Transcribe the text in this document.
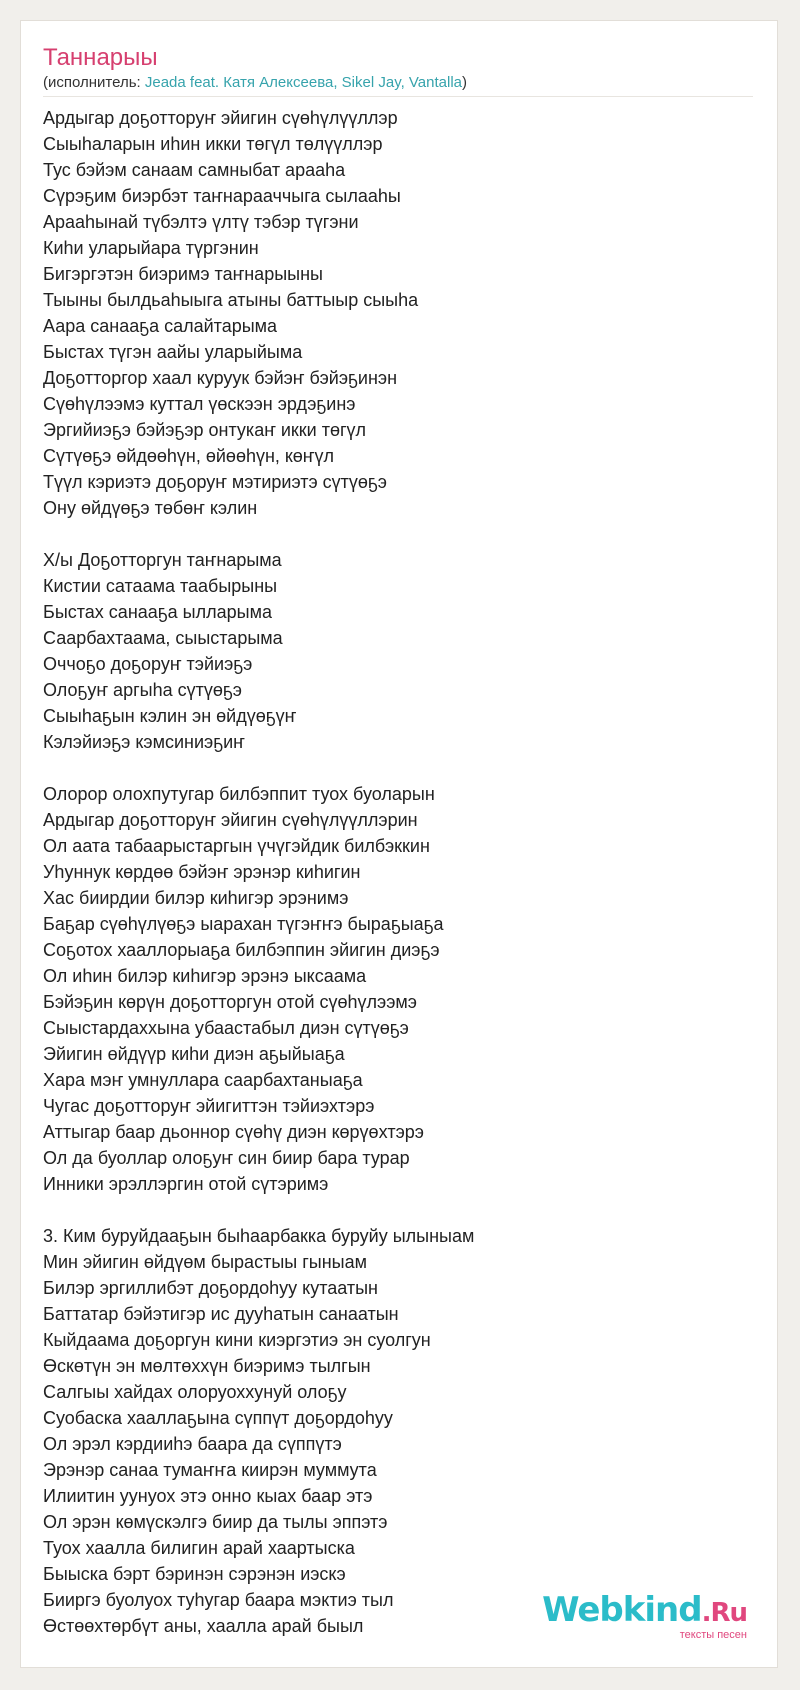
Таннарыы
(исполнитель: Jeada feat. Катя Алексеева, Sikel Jay, Vantalla)
Ардыгар доҕотторуҥ эйигин сүөһүлүүллэр
Сыыһаларын иһин икки төгүл төлүүллэр
Тус бэйэм санаам самныбат арааһа
Сүрэҕим биэрбэт таҥнарааччыга сылааһы
Арааһынай түбэлтэ үлтү тэбэр түгэни
Киһи уларыйара түргэнин
Бигэргэтэн биэримэ таҥнарыыны
Тыыны былдьаһыыга атыны баттыыр сыыһа
Аара санааҕа салайтарыма
Быстах түгэн аайы уларыйыма
Доҕотторгор хаал куруук бэйэҥ бэйэҕинэн
Сүөһүлээмэ куттал үөскээн эрдэҕинэ
Эргийиэҕэ бэйэҕэр онтукаҥ икки төгүл
Сүтүөҕэ өйдөөһүн, өйөөһүн, көҥүл
Түүл кэриэтэ доҕоруҥ мэтириэтэ сүтүөҕэ
Ону өйдүөҕэ төбөҥ кэлин
Х/ы Доҕотторгун таҥнарыма
Кистии сатаама таабырыны
Быстах санааҕа ылларыма
Саарбахтаама, сыыстарыма
Оччоҕо доҕоруҥ тэйиэҕэ
Олоҕуҥ аргыһа сүтүөҕэ
Сыыһаҕын кэлин эн өйдүөҕүҥ
Кэлэйиэҕэ кэмсиниэҕиҥ
Олорор олохпутугар билбэппит туох буоларын
Ардыгар доҕотторуҥ эйигин сүөһүлүүллэрин
Ол аата табаарыстаргын үчүгэйдик билбэккин
Уһуннук көрдөө бэйэҥ эрэнэр киһигин
Хас биирдии билэр киһигэр эрэнимэ
Баҕар сүөһүлүөҕэ ыарахан түгэҥҥэ быраҕыаҕа
Соҕотох хааллорыаҕа билбэппин эйигин диэҕэ
Ол иһин билэр киһигэр эрэнэ ыксаама
Бэйэҕин көрүн доҕотторгун отой сүөһүлээмэ
Сыыстардаххына убаастабыл диэн сүтүөҕэ
Эйигин өйдүүр киһи диэн аҕыйыаҕа
Хара мэҥ умнуллара саарбахтаныаҕа
Чугас доҕотторуҥ эйигиттэн тэйиэхтэрэ
Аттыгар баар дьоннор сүөһү диэн көрүөхтэрэ
Ол да буоллар олоҕуҥ син биир бара турар
Инники эрэллэргин отой сүтэримэ
3. Ким буруйдааҕын быһаарбакка буруйу ылыныам
Мин эйигин өйдүөм бырастыы гыныам
Билэр эргиллибэт доҕордоһуу кутаатын
Баттатар бэйэтигэр ис дууһатын санаатын
Кыйдаама доҕоргун кини киэргэтиэ эн суолгун
Өскөтүн эн мөлтөххүн биэримэ тылгын
Салгыы хайдах олоруоххунуй олоҕу
Суобаска хааллаҕына сүппүт доҕордоһуу
Ол эрэл кэрдииһэ баара да сүппүтэ
Эрэнэр санаа тумаҥҥа киирэн муммута
Илиитин уунуох этэ онно кыах баар этэ
Ол эрэн көмүскэлгэ биир да тылы эппэтэ
Туох хаалла билигин арай хаартыска
Быыска бэрт бэринэн сэрэнэн иэскэ
Бииргэ буолуох туһугар баара мэктиэ тыл
Өстөөхтөрбүт аны, хаалла арай быыл	Webkind.Ru
тексты песен
